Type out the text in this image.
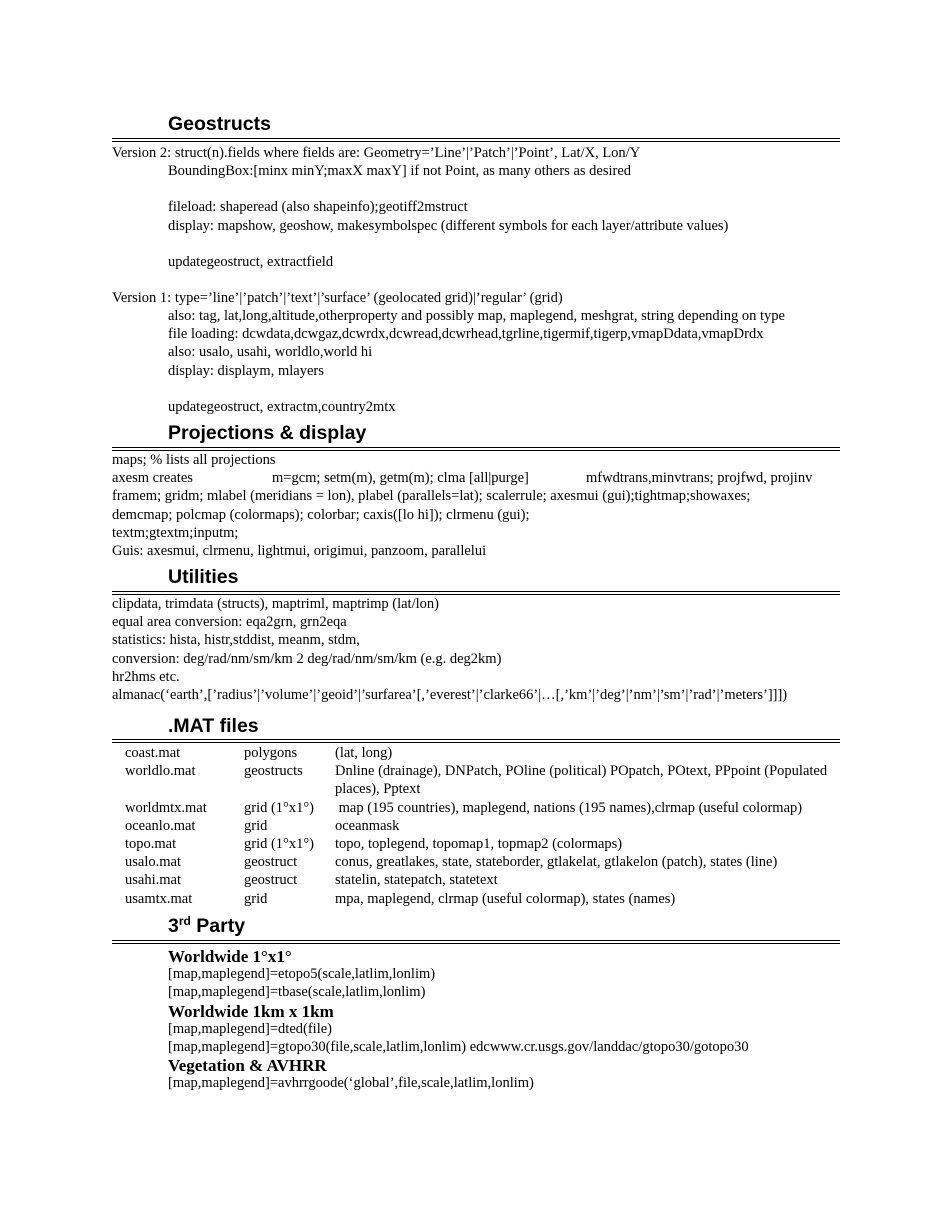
Geostructs
Version 2: struct(n).fields where fields are: Geometry=’Line’|’Patch’|’Point’, Lat/X, Lon/Y
BoundingBox:[minx minY;maxX maxY] if not Point, as many others as desired
fileload: shaperead (also shapeinfo);geotiff2mstruct
display: mapshow, geoshow, makesymbolspec (different symbols for each layer/attribute values)
updategeostruct, extractfield
Version 1: type=’line’|’patch’|’text’|’surface’ (geolocated grid)|’regular’ (grid)
also: tag, lat,long,altitude,otherproperty and possibly map, maplegend, meshgrat, string depending on type
file loading: dcwdata,dcwgaz,dcwrdx,dcwread,dcwrhead,tgrline,tigermif,tigerp,vmapDdata,vmapDrdx
also: usalo, usahi, worldlo,world hi
display: displaym, mlayers
updategeostruct, extractm,country2mtx
Projections & display
maps; % lists all projections
axesm creates	m=gcm; setm(m), getm(m); clma [all|purge]	mfwdtrans,minvtrans; projfwd, projinv
framem; gridm; mlabel (meridians = lon), plabel (parallels=lat); scalerrule; axesmui (gui);tightmap;showaxes;
demcmap; polcmap (colormaps); colorbar; caxis([lo hi]); clrmenu (gui);
textm;gtextm;inputm;
Guis: axesmui, clrmenu, lightmui, origimui, panzoom, parallelui
Utilities
clipdata, trimdata (structs), maptriml, maptrimp (lat/lon)
equal area conversion: eqa2grn, grn2eqa
statistics: hista, histr,stddist, meanm, stdm,
conversion: deg/rad/nm/sm/km 2 deg/rad/nm/sm/km (e.g. deg2km)
hr2hms etc.
almanac(‘earth’,[’radius’|’volume’|’geoid’|’surfarea’[,’everest’|’clarke66’|…[,’km’|’deg’|’nm’|’sm’|’rad’|’meters’]]])
.MAT files
coast.mat	polygons	(lat, long)
worldlo.mat	geostructs	Dnline (drainage), DNPatch, POline (political) POpatch, POtext, PPpoint (Populated places), Pptext
worldmtx.mat	grid (1°x1°)	map (195 countries), maplegend, nations (195 names),clrmap (useful colormap)
oceanlo.mat	grid	oceanmask
topo.mat	grid (1°x1°)	topo, toplegend, topomap1, topmap2 (colormaps)
usalo.mat	geostruct	conus, greatlakes, state, stateborder, gtlakelat, gtlakelon (patch), states (line)
usahi.mat	geostruct	statelin, statepatch, statetext
usamtx.mat	grid	mpa, maplegend, clrmap (useful colormap), states (names)
3rd Party
Worldwide 1°x1°
[map,maplegend]=etopo5(scale,latlim,lonlim)
[map,maplegend]=tbase(scale,latlim,lonlim)
Worldwide 1km x 1km
[map,maplegend]=dted(file)
[map,maplegend]=gtopo30(file,scale,latlim,lonlim) edcwww.cr.usgs.gov/landdac/gtopo30/gotopo30
Vegetation & AVHRR
[map,maplegend]=avhrrgoode(‘global’,file,scale,latlim,lonlim)
